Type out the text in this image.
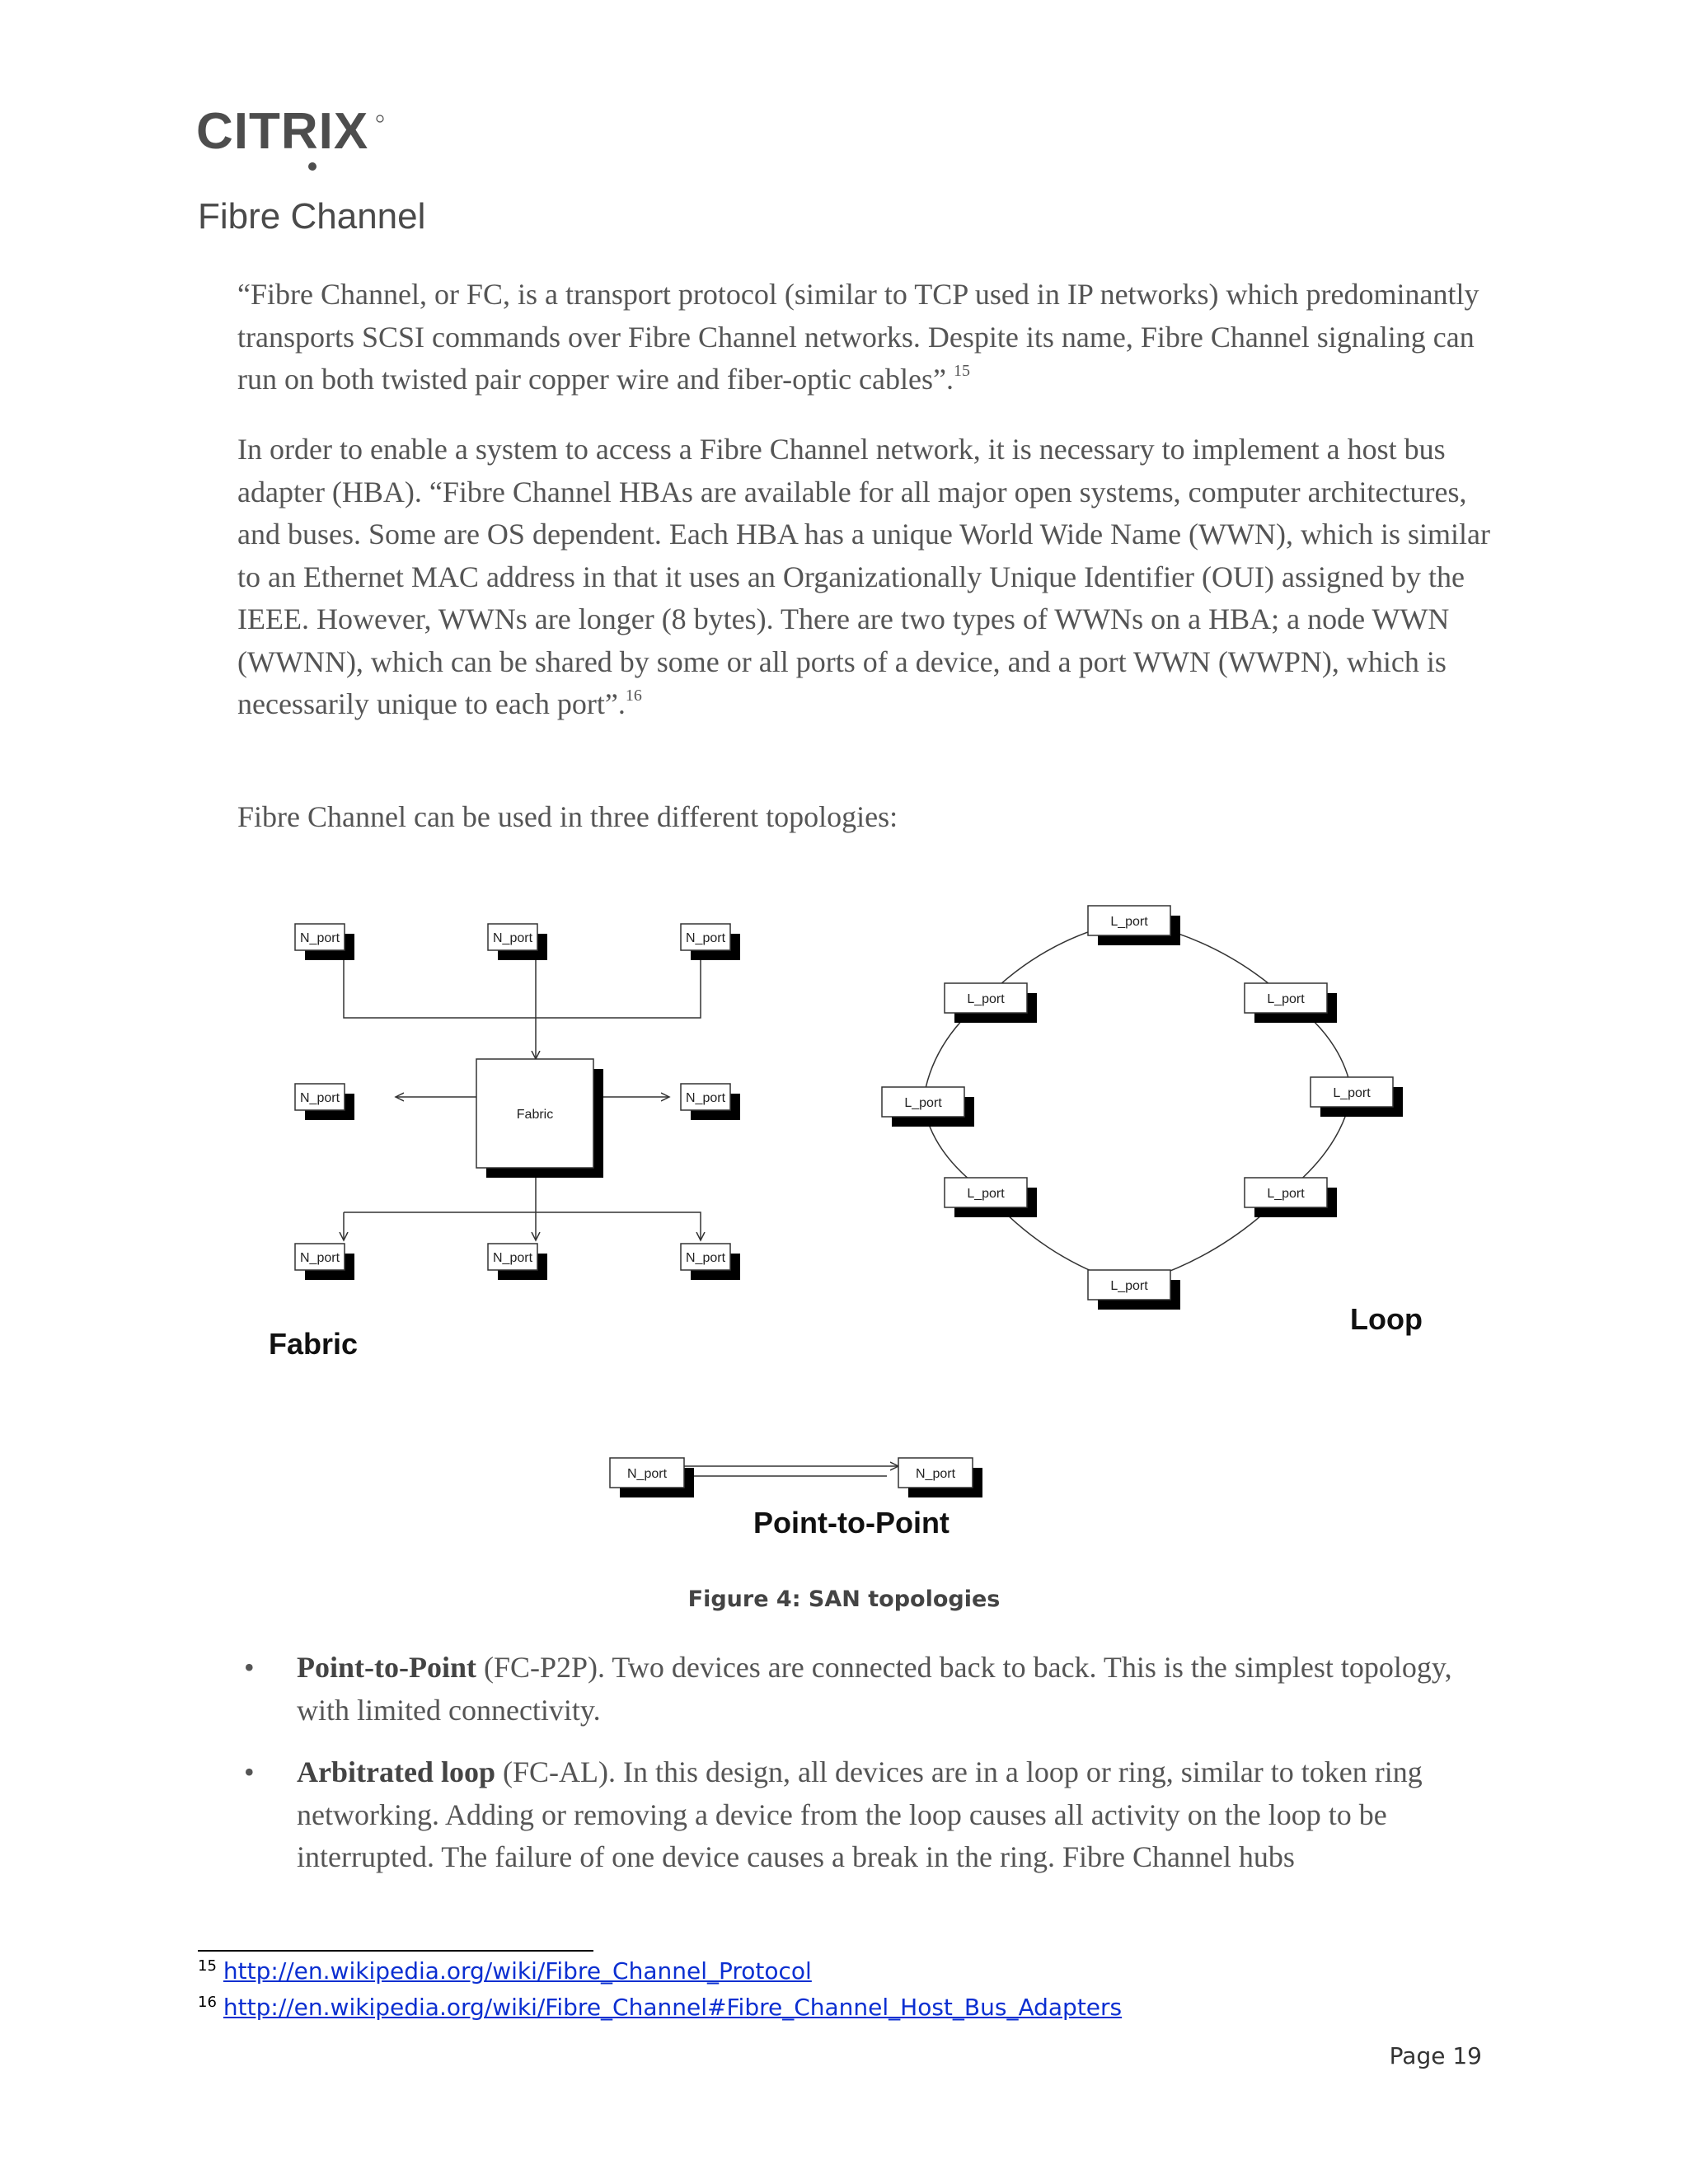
CITRIX
Fibre Channel

“Fibre Channel, or FC, is a transport protocol (similar to TCP used in IP networks) which predominantly transports SCSI commands over Fibre Channel networks. Despite its name, Fibre Channel signaling can run on both twisted pair copper wire and fiber-optic cables”.$^{15}$

In order to enable a system to access a Fibre Channel network, it is necessary to implement a host bus adapter (HBA). “Fibre Channel HBAs are available for all major open systems, computer architectures, and buses. Some are OS dependent. Each HBA has a unique World Wide Name (WWN), which is similar to an Ethernet MAC address in that it uses an Organizationally Unique Identifier (OUI) assigned by the IEEE. However, WWNs are longer (8 bytes). There are two types of WWNs on a HBA; a node WWN (WWNN), which can be shared by some or all ports of a device, and a port WWN (WWPN), which is necessarily unique to each port”.$^{16}$

Fibre Channel can be used in three different topologies:

N_port	N_port	N_port
N_port	N_port
N_port	N_port	N_port
Fabric
L_port
L_port
L_port
L_port
L_port
L_port
L_port
L_port
N_port	N_port
Fabric
Loop
Point-to-Point

Figure 4: SAN topologies

• Point-to-Point (FC-P2P). Two devices are connected back to back. This is the simplest topology, with limited connectivity.
• Arbitrated loop (FC-AL). In this design, all devices are in a loop or ring, similar to token ring networking. Adding or removing a device from the loop causes all activity on the loop to be interrupted. The failure of one device causes a break in the ring. Fibre Channel hubs
$^{15}$ http://en.wikipedia.org/wiki/Fibre_Channel_Protocol
$^{16}$ http://en.wikipedia.org/wiki/Fibre_Channel#Fibre_Channel_Host_Bus_Adapters

Page 19
